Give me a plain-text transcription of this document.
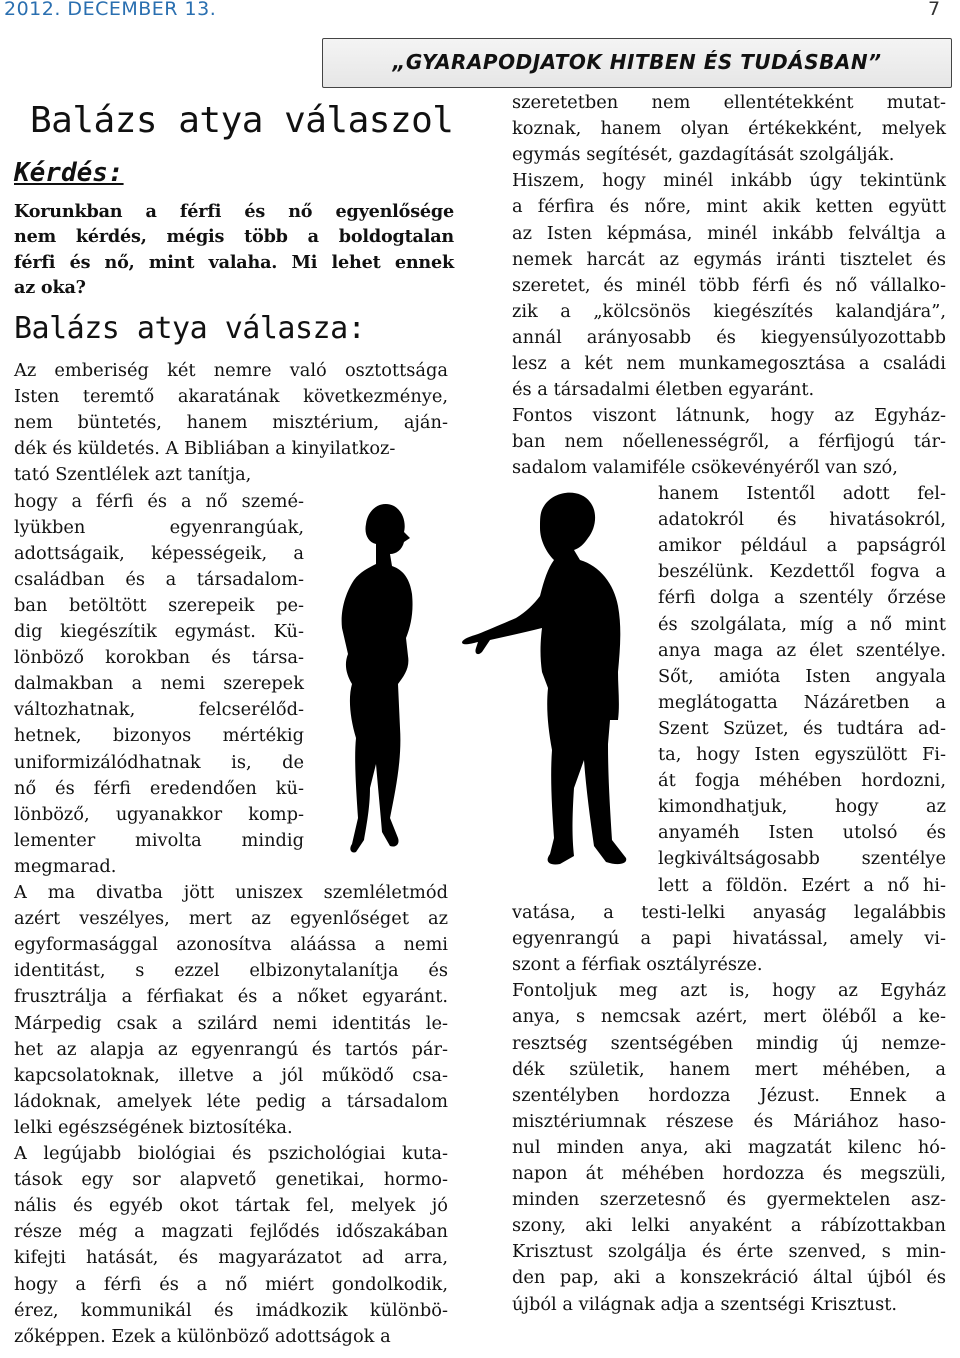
2012. DECEMBER 13.	7
„GYARAPODJATOK HITBEN ÉS TUDÁSBAN”
Balázs atya válaszol
Kérdés:
Korunkban a férfi és nő egyenlősége
nem kérdés, mégis több a boldogtalan
férfi és nő, mint valaha. Mi lehet ennek
az oka?
Balázs atya válasza:
Az emberiség két nemre való osztottsága
Isten teremtő akaratának következménye,
nem büntetés, hanem misztérium, aján-
dék és küldetés. A Bibliában a kinyilatkoz-
tató Szentlélek azt tanítja,
hogy a férfi és a nő szemé-
lyükben egyenrangúak,
adottságaik, képességeik, a
családban és a társadalom-
ban betöltött szerepeik pe-
dig kiegészítik egymást. Kü-
lönböző korokban és társa-
dalmakban a nemi szerepek
változhatnak, felcserélőd-
hetnek, bizonyos mértékig
uniformizálódhatnak is, de
nő és férfi eredendően kü-
lönböző, ugyanakkor komp-
lementer mivolta mindig
megmarad.
A ma divatba jött uniszex szemléletmód
azért veszélyes, mert az egyenlőséget az
egyformasággal azonosítva aláássa a nemi
identitást, s ezzel elbizonytalanítja és
frusztrálja a férfiakat és a nőket egyaránt.
Márpedig csak a szilárd nemi identitás le-
het az alapja az egyenrangú és tartós pár-
kapcsolatoknak, illetve a jól működő csa-
ládoknak, amelyek léte pedig a társadalom
lelki egészségének biztosítéka.
A legújabb biológiai és pszichológiai kuta-
tások egy sor alapvető genetikai, hormo-
nális és egyéb okot tártak fel, melyek jó
része még a magzati fejlődés időszakában
kifejti hatását, és magyarázatot ad arra,
hogy a férfi és a nő miért gondolkodik,
érez, kommunikál és imádkozik különbö-
zőképpen. Ezek a különböző adottságok a
szeretetben nem ellentétekként mutat-
koznak, hanem olyan értékekként, melyek
egymás segítését, gazdagítását szolgálják.
Hiszem, hogy minél inkább úgy tekintünk
a férfira és nőre, mint akik ketten együtt
az Isten képmása, minél inkább felváltja a
nemek harcát az egymás iránti tisztelet és
szeretet, és minél több férfi és nő vállalko-
zik a „kölcsönös kiegészítés kalandjára”,
annál arányosabb és kiegyensúlyozottabb
lesz a két nem munkamegosztása a családi
és a társadalmi életben egyaránt.
Fontos viszont látnunk, hogy az Egyház-
ban nem nőellenességről, a férfijogú tár-
sadalom valamiféle csökevényéről van szó,
hanem Istentől adott fel-
adatokról és hivatásokról,
amikor például a papságról
beszélünk. Kezdettől fogva a
férfi dolga a szentély őrzése
és szolgálata, míg a nő mint
anya maga az élet szentélye.
Sőt, amióta Isten angyala
meglátogatta Názáretben a
Szent Szüzet, és tudtára ad-
ta, hogy Isten egyszülött Fi-
át fogja méhében hordozni,
kimondhatjuk, hogy az
anyaméh Isten utolsó és
legkiváltságosabb szentélye
lett a földön. Ezért a nő hi-
vatása, a testi-lelki anyaság legalábbis
egyenrangú a papi hivatással, amely vi-
szont a férfiak osztályrésze.
Fontoljuk meg azt is, hogy az Egyház
anya, s nemcsak azért, mert öléből a ke-
resztség szentségében mindig új nemze-
dék születik, hanem mert méhében, a
szentélyben hordozza Jézust. Ennek a
misztériumnak részese és Máriához haso-
nul minden anya, aki magzatát kilenc hó-
napon át méhében hordozza és megszüli,
minden szerzetesnő és gyermektelen asz-
szony, aki lelki anyaként a rábízottakban
Krisztust szolgálja és érte szenved, s min-
den pap, aki a konszekráció által újból és
újból a világnak adja a szentségi Krisztust.
